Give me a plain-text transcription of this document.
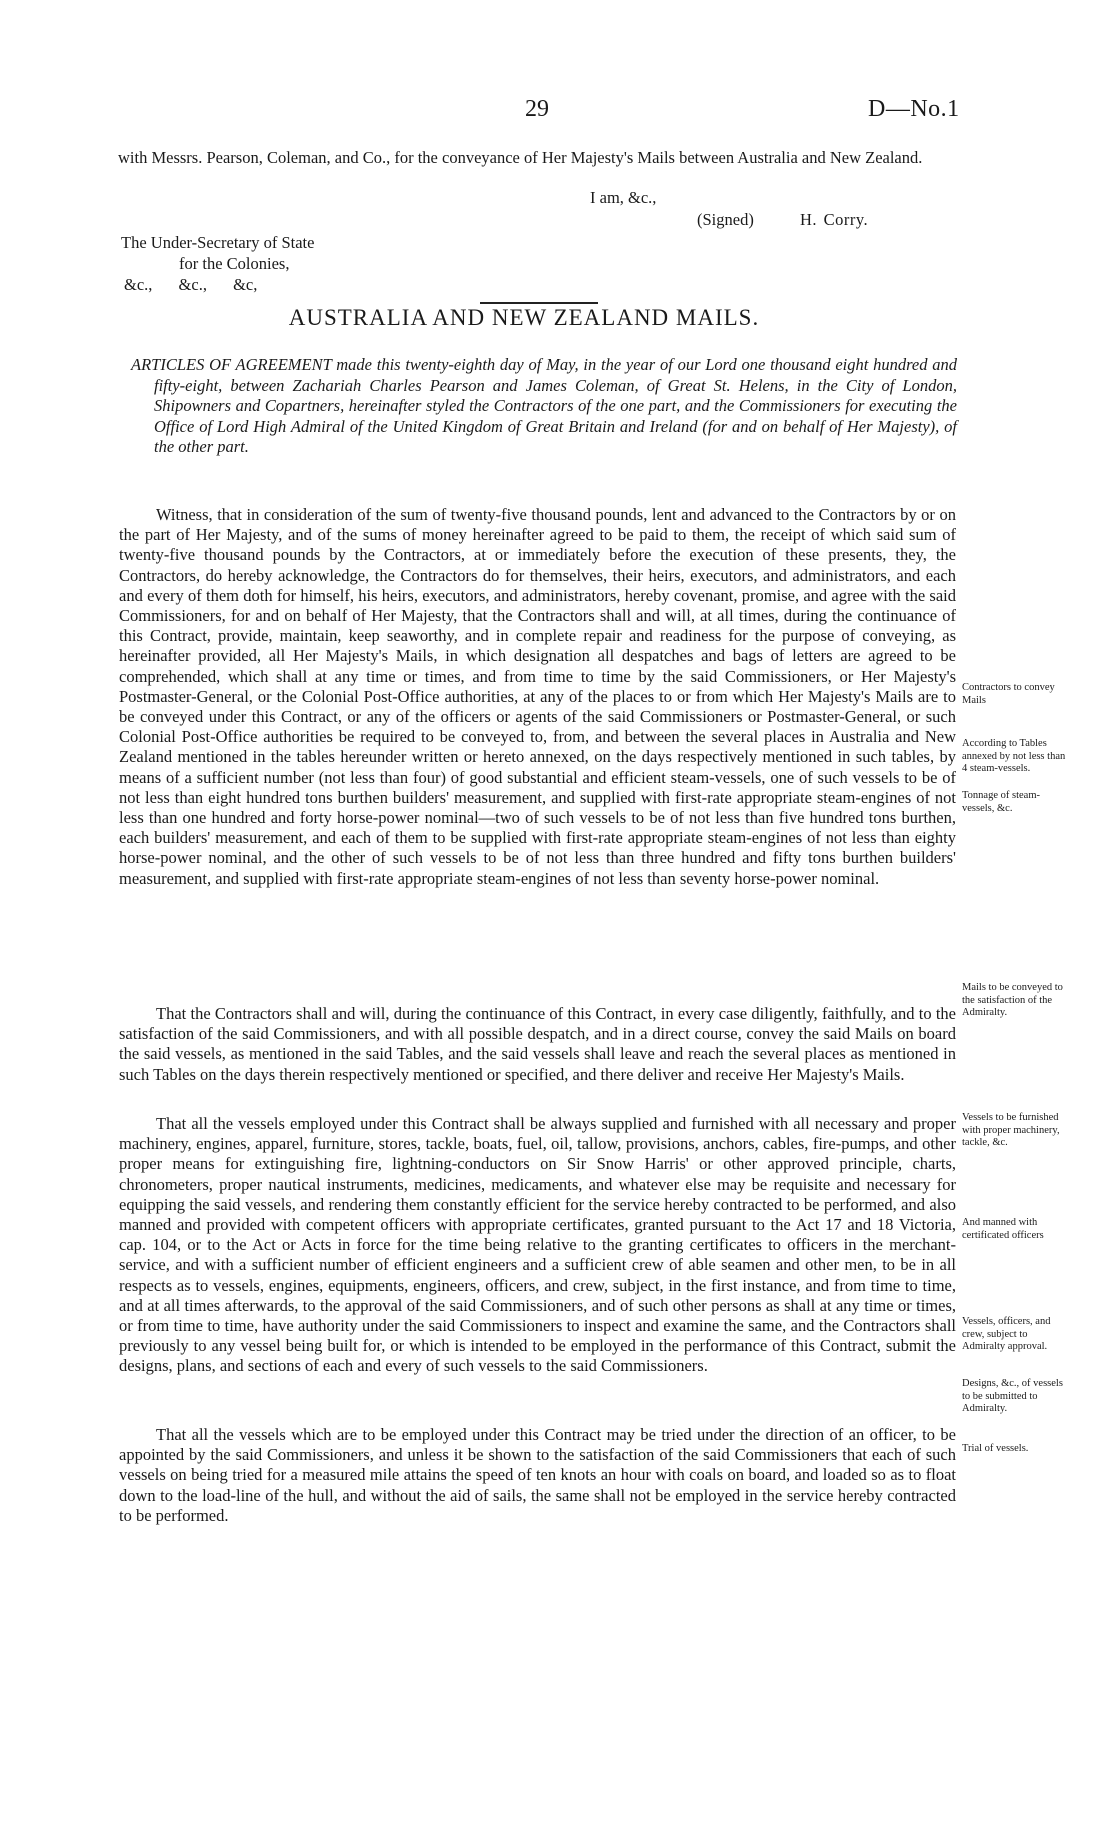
29	D—No.1
with Messrs. Pearson, Coleman, and Co., for the conveyance of Her Majesty's Mails between Australia and New Zealand.
I am, &c.,
(Signed)	H. Corry.
The Under-Secretary of State
for the Colonies,
&c., &c., &c,
AUSTRALIA AND NEW ZEALAND MAILS.
ARTICLES OF AGREEMENT made this twenty-eighth day of May, in the year of our Lord one thousand eight hundred and fifty-eight, between Zachariah Charles Pearson and James Coleman, of Great St. Helens, in the City of London, Shipowners and Copartners, hereinafter styled the Contractors of the one part, and the Commissioners for executing the Office of Lord High Admiral of the United Kingdom of Great Britain and Ireland (for and on behalf of Her Majesty), of the other part.

Witness, that in consideration of the sum of twenty-five thousand pounds, lent and advanced to the Contractors by or on the part of Her Majesty, and of the sums of money hereinafter agreed to be paid to them, the receipt of which said sum of twenty-five thousand pounds by the Contractors, at or immediately before the execution of these presents, they, the Contractors, do hereby acknowledge, the Contractors do for themselves, their heirs, executors, and administrators, and each and every of them doth for himself, his heirs, executors, and administrators, hereby covenant, promise, and agree with the said Commissioners, for and on behalf of Her Majesty, that the Contractors shall and will, at all times, during the continuance of this Contract, provide, maintain, keep seaworthy, and in complete repair and readiness for the purpose of conveying, as hereinafter provided, all Her Majesty's Mails, in which designation all despatches and bags of letters are agreed to be comprehended, which shall at any time or times, and from time to time by the said Commissioners, or Her Majesty's Postmaster-General, or the Colonial Post-Office authorities, at any of the places to or from which Her Majesty's Mails are to be conveyed under this Contract, or any of the officers or agents of the said Commissioners or Postmaster-General, or such Colonial Post-Office authorities be required to be conveyed to, from, and between the several places in Australia and New Zealand mentioned in the tables hereunder written or hereto annexed, on the days respectively mentioned in such tables, by means of a sufficient number (not less than four) of good substantial and efficient steam-vessels, one of such vessels to be of not less than eight hundred tons burthen builders' measurement, and supplied with first-rate appropriate steam-engines of not less than one hundred and forty horse-power nominal—two of such vessels to be of not less than five hundred tons burthen, each builders' measurement, and each of them to be supplied with first-rate appropriate steam-engines of not less than eighty horse-power nominal, and the other of such vessels to be of not less than three hundred and fifty tons burthen builders' measurement, and supplied with first-rate appropriate steam-engines of not less than seventy horse-power nominal.

That the Contractors shall and will, during the continuance of this Contract, in every case diligently, faithfully, and to the satisfaction of the said Commissioners, and with all possible despatch, and in a direct course, convey the said Mails on board the said vessels, as mentioned in the said Tables, and the said vessels shall leave and reach the several places as mentioned in such Tables on the days therein respectively mentioned or specified, and there deliver and receive Her Majesty's Mails.

That all the vessels employed under this Contract shall be always supplied and furnished with all necessary and proper machinery, engines, apparel, furniture, stores, tackle, boats, fuel, oil, tallow, provisions, anchors, cables, fire-pumps, and other proper means for extinguishing fire, lightning-conductors on Sir Snow Harris' or other approved principle, charts, chronometers, proper nautical instruments, medicines, medicaments, and whatever else may be requisite and necessary for equipping the said vessels, and rendering them constantly efficient for the service hereby contracted to be performed, and also manned and provided with competent officers with appropriate certificates, granted pursuant to the Act 17 and 18 Victoria, cap. 104, or to the Act or Acts in force for the time being relative to the granting certificates to officers in the merchant-service, and with a sufficient number of efficient engineers and a sufficient crew of able seamen and other men, to be in all respects as to vessels, engines, equipments, engineers, officers, and crew, subject, in the first instance, and from time to time, and at all times afterwards, to the approval of the said Commissioners, and of such other persons as shall at any time or times, or from time to time, have authority under the said Commissioners to inspect and examine the same, and the Contractors shall previously to any vessel being built for, or which is intended to be employed in the performance of this Contract, submit the designs, plans, and sections of each and every of such vessels to the said Commissioners.

That all the vessels which are to be employed under this Contract may be tried under the direction of an officer, to be appointed by the said Commissioners, and unless it be shown to the satisfaction of the said Commissioners that each of such vessels on being tried for a measured mile attains the speed of ten knots an hour with coals on board, and loaded so as to float down to the load-line of the hull, and without the aid of sails, the same shall not be employed in the service hereby contracted to be performed.

Contractors to convey Mails
According to Tables annexed by not less than 4 steam-vessels.
Tonnage of steam-vessels, &c.
Mails to be conveyed to the satisfaction of the Admiralty.
Vessels to be furnished with proper machinery, tackle, &c.
And manned with certificated officers
Vessels, officers, and crew, subject to Admiralty approval.
Designs, &c., of vessels to be submitted to Admiralty.
Trial of vessels.
